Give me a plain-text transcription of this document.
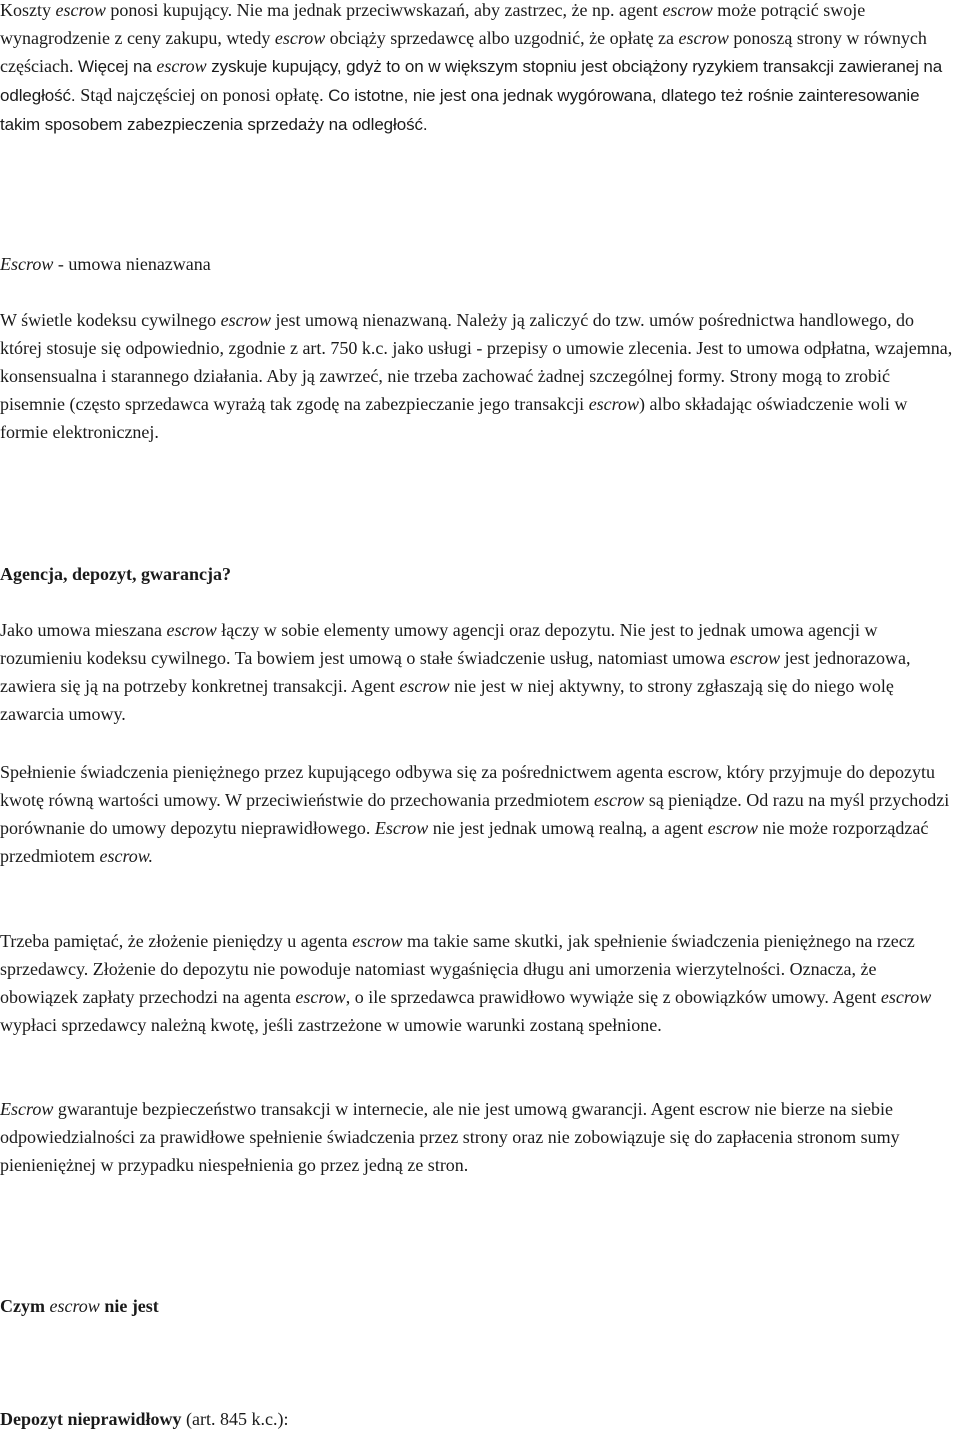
Koszty escrow ponosi kupujący. Nie ma jednak przeciwwskazań, aby zastrzec, że np. agent escrow może potrącić swoje wynagrodzenie z ceny zakupu, wtedy escrow obciąży sprzedawcę albo uzgodnić, że opłatę za escrow ponoszą strony w równych częściach. Więcej na escrow zyskuje kupujący, gdyż to on w większym stopniu jest obciążony ryzykiem transakcji zawieranej na odległość. Stąd najczęściej on ponosi opłatę. Co istotne, nie jest ona jednak wygórowana, dlatego też rośnie zainteresowanie takim sposobem zabezpieczenia sprzedaży na odległość.

Escrow - umowa nienazwana

W świetle kodeksu cywilnego escrow jest umową nienazwaną. Należy ją zaliczyć do tzw. umów pośrednictwa handlowego, do której stosuje się odpowiednio, zgodnie z art. 750 k.c. jako usługi - przepisy o umowie zlecenia. Jest to umowa odpłatna, wzajemna, konsensualna i starannego działania. Aby ją zawrzeć, nie trzeba zachować żadnej szczególnej formy. Strony mogą to zrobić pisemnie (często sprzedawca wyrażą tak zgodę na zabezpieczanie jego transakcji escrow) albo składając oświadczenie woli w formie elektronicznej.

Agencja, depozyt, gwarancja?

Jako umowa mieszana escrow łączy w sobie elementy umowy agencji oraz depozytu. Nie jest to jednak umowa agencji w rozumieniu kodeksu cywilnego. Ta bowiem jest umową o stałe świadczenie usług, natomiast umowa escrow jest jednorazowa, zawiera się ją na potrzeby konkretnej transakcji. Agent escrow nie jest w niej aktywny, to strony zgłaszają się do niego wolę zawarcia umowy.

Spełnienie świadczenia pieniężnego przez kupującego odbywa się za pośrednictwem agenta escrow, który przyjmuje do depozytu kwotę równą wartości umowy. W przeciwieństwie do przechowania przedmiotem escrow są pieniądze. Od razu na myśl przychodzi porównanie do umowy depozytu nieprawidłowego. Escrow nie jest jednak umową realną, a agent escrow nie może rozporządzać przedmiotem escrow.

Trzeba pamiętać, że złożenie pieniędzy u agenta escrow ma takie same skutki, jak spełnienie świadczenia pieniężnego na rzecz sprzedawcy. Złożenie do depozytu nie powoduje natomiast wygaśnięcia długu ani umorzenia wierzytelności. Oznacza, że obowiązek zapłaty przechodzi na agenta escrow, o ile sprzedawca prawidłowo wywiąże się z obowiązków umowy. Agent escrow wypłaci sprzedawcy należną kwotę, jeśli zastrzeżone w umowie warunki zostaną spełnione.

Escrow gwarantuje bezpieczeństwo transakcji w internecie, ale nie jest umową gwarancji. Agent escrow nie bierze na siebie odpowiedzialności za prawidłowe spełnienie świadczenia przez strony oraz nie zobowiązuje się do zapłacenia stronom sumy pienieniężnej w przypadku niespełnienia go przez jedną ze stron.

Czym escrow nie jest

Depozyt nieprawidłowy (art. 845 k.c.):
